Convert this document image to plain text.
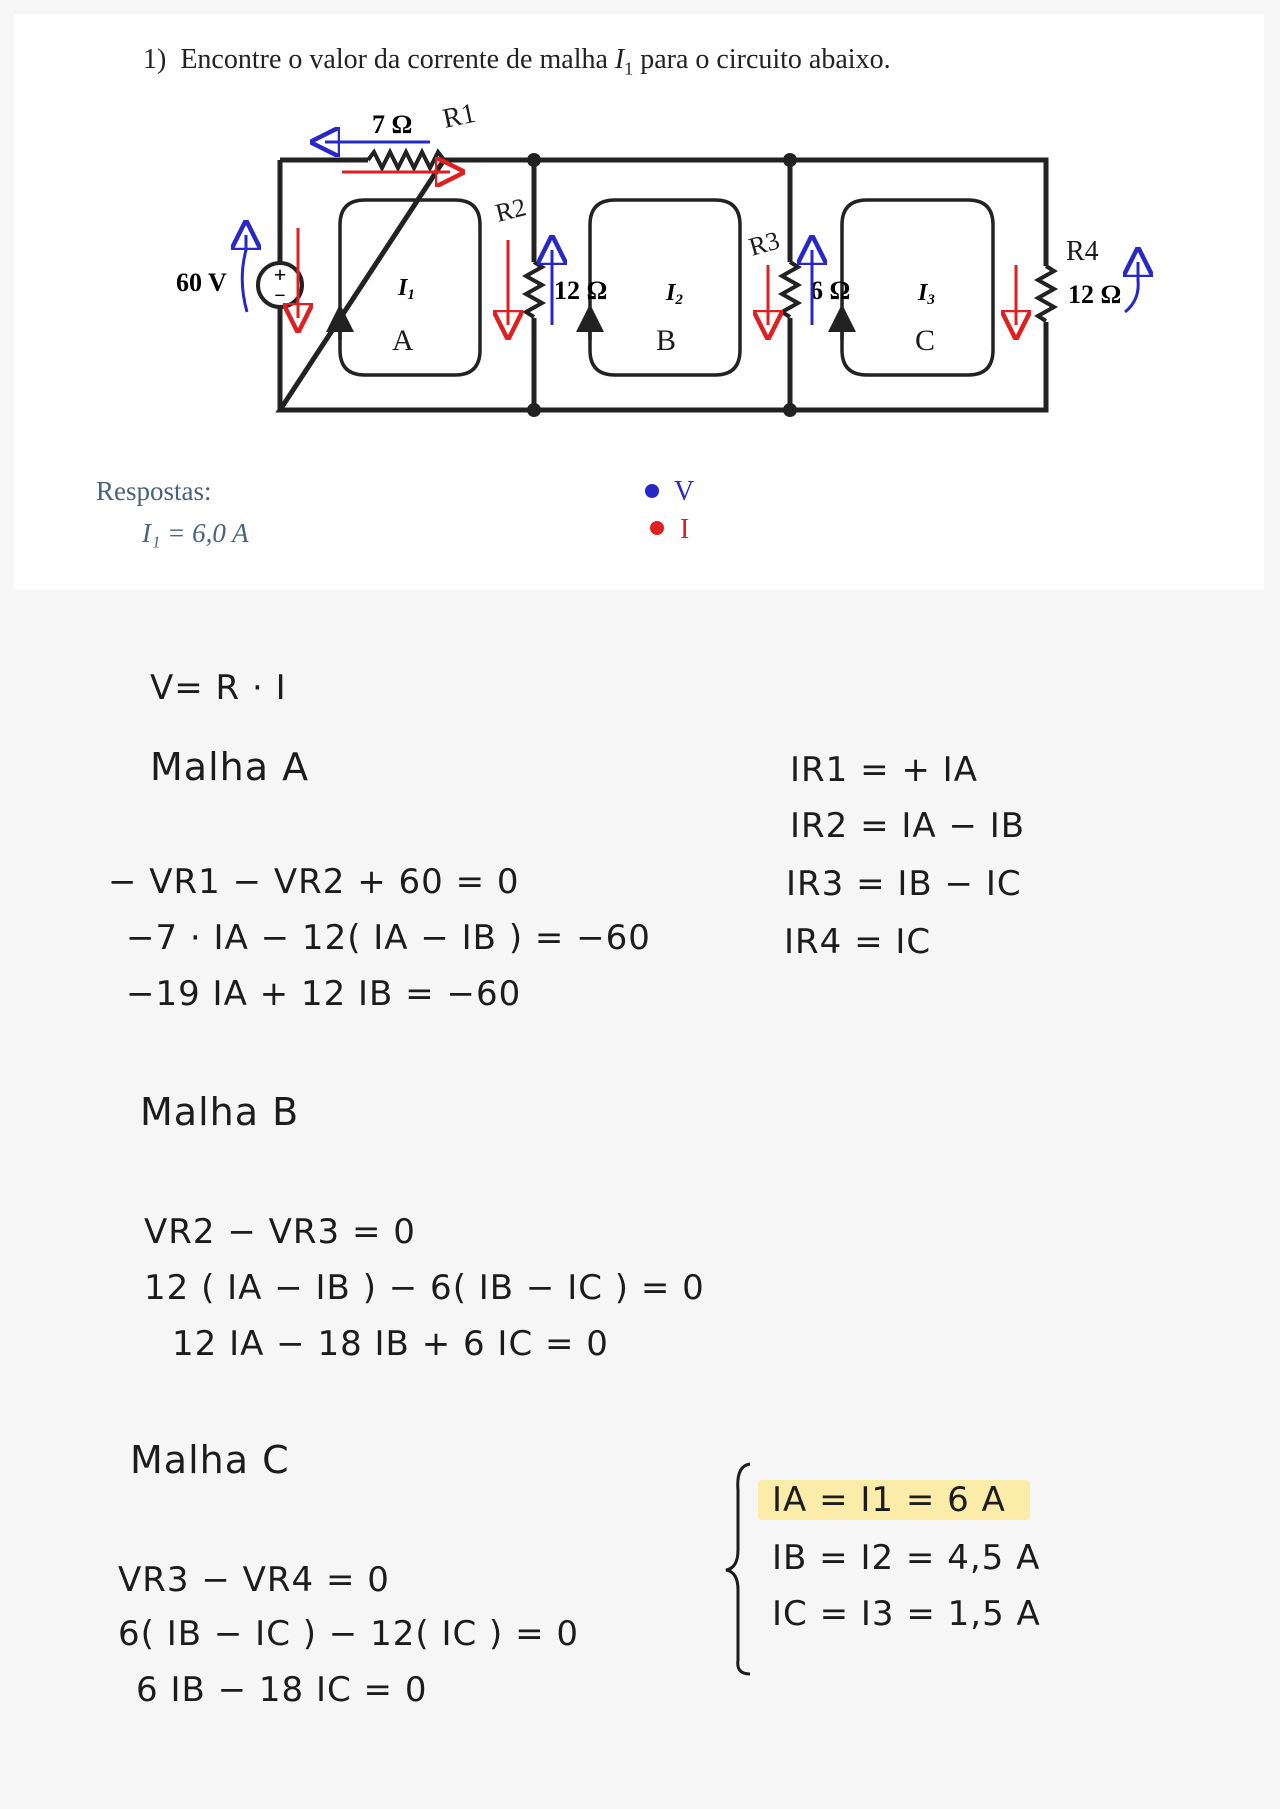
1) Encontre o valor da corrente de malha $I_1$ para o circuito abaixo.
+
−
60 V
7 Ω
12 Ω	6 Ω	12 Ω
I1	I2	I3
R1
R2
R3	R4
A	B	C
V
I
Respostas:
I₁ = 6,0 A
V= R · I
Malha A
− VR1 − VR2 + 60 = 0
−7 · IA − 12( IA − IB ) = −60
−19 IA + 12 IB = −60
Malha B
VR2 − VR3 = 0
12 ( IA − IB ) − 6( IB − IC ) = 0
12 IA − 18 IB + 6 IC = 0
Malha C
VR3 − VR4 = 0
6( IB − IC ) − 12( IC ) = 0
6 IB − 18 IC = 0
IR1 = + IA
IR2 = IA − IB
IR3 = IB − IC
IR4 = IC
IA = I1 = 6 A
IB = I2 = 4,5 A
IC = I3 = 1,5 A
